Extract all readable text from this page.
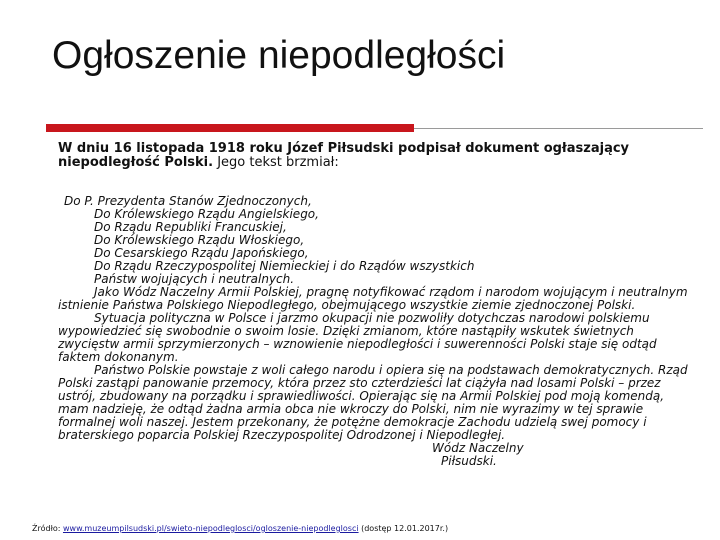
Ogłoszenie niepodległości
W dniu 16 listopada 1918 roku Józef Piłsudski podpisał dokument ogłaszający niepodległość Polski. Jego tekst brzmiał:
Do P. Prezydenta Stanów Zjednoczonych,
Do Królewskiego Rządu Angielskiego,
Do Rządu Republiki Francuskiej,
Do Królewskiego Rządu Włoskiego,
Do Cesarskiego Rządu Japońskiego,
Do Rządu Rzeczypospolitej Niemieckiej i do Rządów wszystkich
Państw wojujących i neutralnych.
Jako Wódz Naczelny Armii Polskiej, pragnę notyfikować rządom i narodom wojującym i neutralnym istnienie Państwa Polskiego Niepodległego, obejmującego wszystkie ziemie zjednoczonej Polski.
Sytuacja polityczna w Polsce i jarzmo okupacji nie pozwoliły dotychczas narodowi polskiemu wypowiedzieć się swobodnie o swoim losie. Dzięki zmianom, które nastąpiły wskutek świetnych zwycięstw armii sprzymierzonych – wznowienie niepodległości i suwerenności Polski staje się odtąd faktem dokonanym.
Państwo Polskie powstaje z woli całego narodu i opiera się na podstawach demokratycznych. Rząd Polski zastąpi panowanie przemocy, która przez sto czterdzieści lat ciążyła nad losami Polski – przez ustrój, zbudowany na porządku i sprawiedliwości. Opierając się na Armii Polskiej pod moją komendą, mam nadzieję, że odtąd żadna armia obca nie wkroczy do Polski, nim nie wyrazimy w tej sprawie formalnej woli naszej. Jestem przekonany, że potężne demokracje Zachodu udzielą swej pomocy i braterskiego poparcia Polskiej Rzeczypospolitej Odrodzonej i Niepodległej.
Wódz Naczelny
Piłsudski.
Źródło: www.muzeumpilsudski.pl/swieto-niepodleglosci/ogloszenie-niepodleglosci (dostęp 12.01.2017r.)
